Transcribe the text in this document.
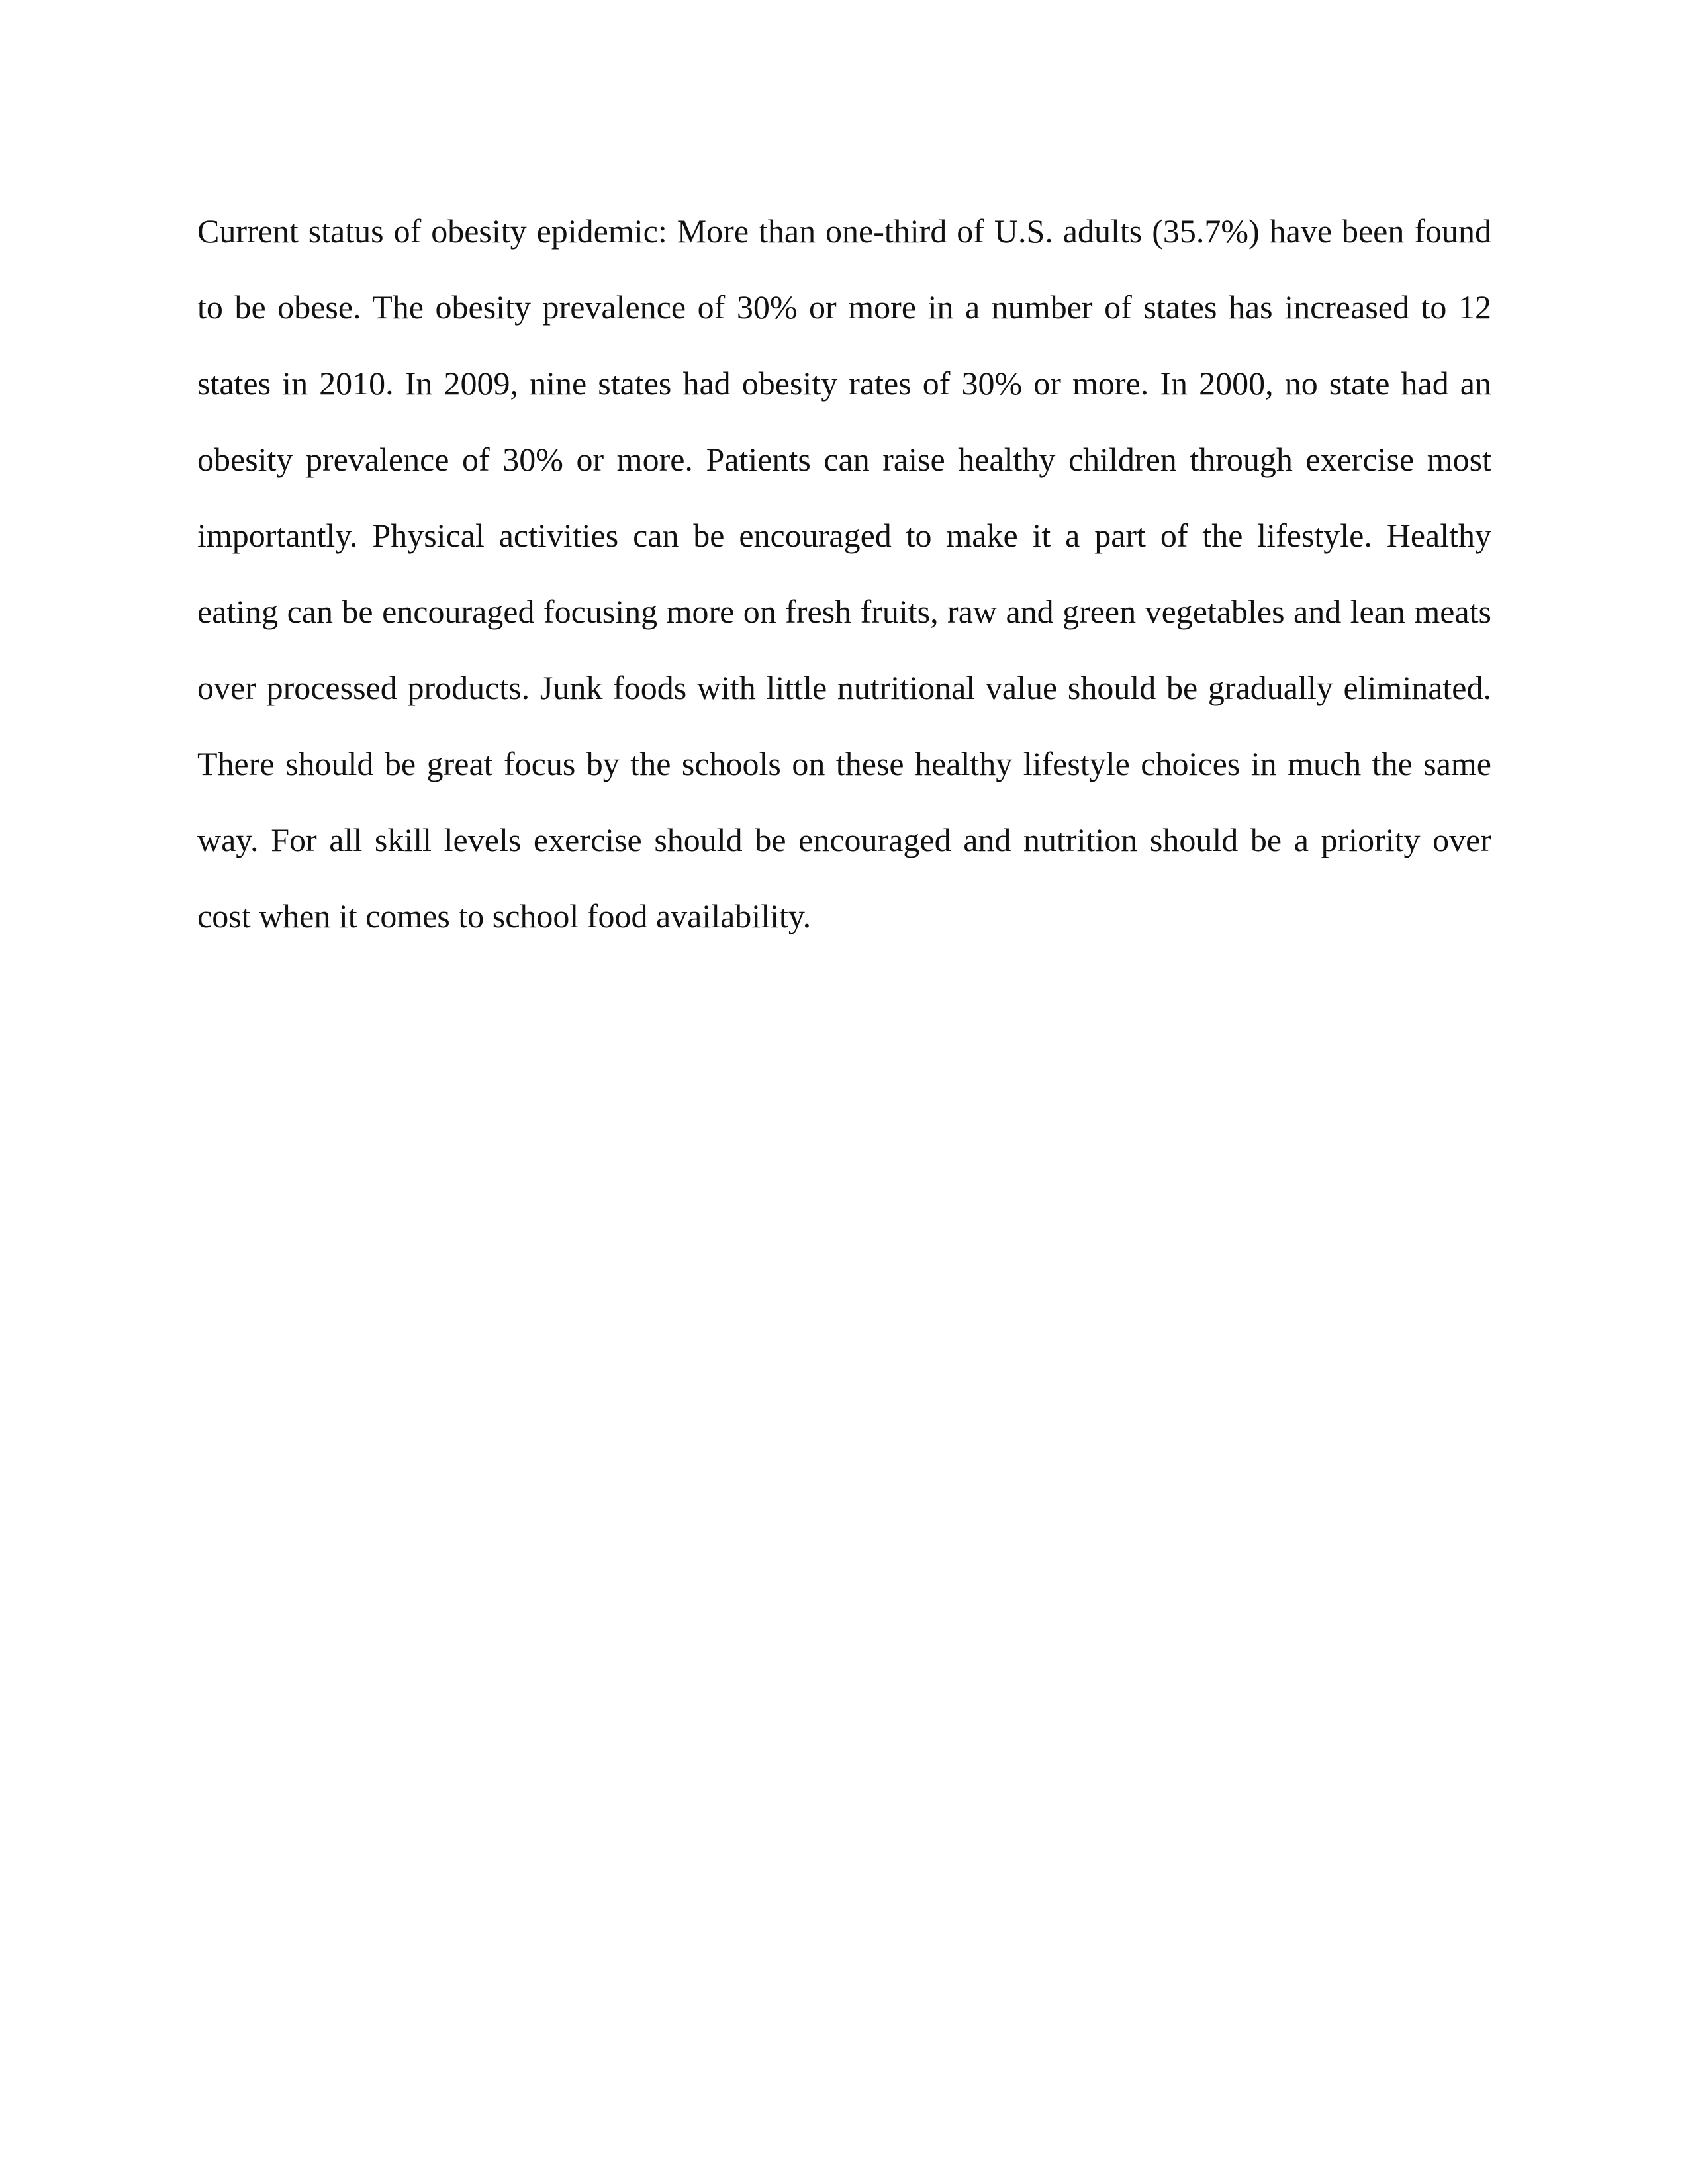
Current status of obesity epidemic: More than one-third of U.S. adults (35.7%) have been found
to be obese. The obesity prevalence of 30% or more in a number of states has increased to 12
states in 2010. In 2009, nine states had obesity rates of 30% or more. In 2000, no state had an
obesity prevalence of 30% or more. Patients can raise healthy children through exercise most
importantly. Physical activities can be encouraged to make it a part of the lifestyle. Healthy
eating can be encouraged focusing more on fresh fruits, raw and green vegetables and lean meats
over processed products. Junk foods with little nutritional value should be gradually eliminated.
There should be great focus by the schools on these healthy lifestyle choices in much the same
way. For all skill levels exercise should be encouraged and nutrition should be a priority over
cost when it comes to school food availability.
